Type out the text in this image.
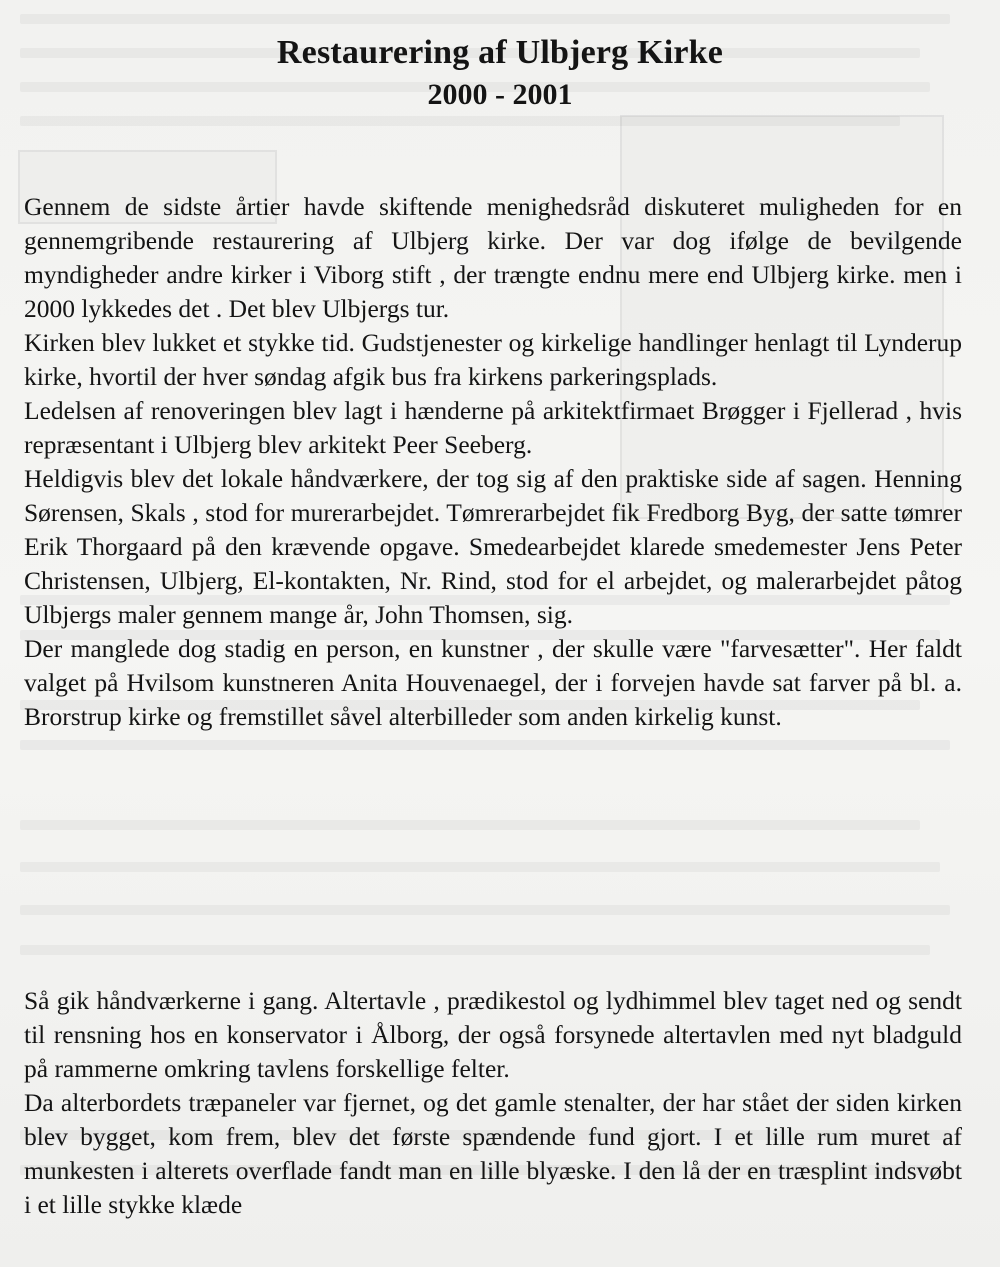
Restaurering af Ulbjerg Kirke
2000 - 2001

Gennem de sidste årtier havde skiftende menighedsråd diskuteret muligheden for en gennemgribende restaurering af Ulbjerg kirke. Der var dog ifølge de bevilgende myndigheder andre kirker i Viborg stift , der trængte endnu mere end Ulbjerg kirke. men i 2000 lykkedes det . Det blev Ulbjergs tur.

Kirken blev lukket et stykke tid. Gudstjenester og kirkelige handlinger henlagt til Lynderup kirke, hvortil der hver søndag afgik bus fra kirkens parkeringsplads.

Ledelsen af renoveringen blev lagt i hænderne på arkitektfirmaet Brøgger i Fjellerad , hvis repræsentant i Ulbjerg blev arkitekt Peer Seeberg.

Heldigvis blev det lokale håndværkere, der tog sig af den praktiske side af sagen. Henning Sørensen, Skals , stod for murerarbejdet. Tømrerarbejdet fik Fredborg Byg, der satte tømrer Erik Thorgaard på den krævende opgave. Smedearbejdet klarede smedemester Jens Peter Christensen, Ulbjerg, El-kontakten, Nr. Rind, stod for el arbejdet, og malerarbejdet påtog Ulbjergs maler gennem mange år, John Thomsen, sig.

Der manglede dog stadig en person, en kunstner , der skulle være "farvesætter". Her faldt valget på Hvilsom kunstneren Anita Houvenaegel, der i forvejen havde sat farver på bl. a. Brorstrup kirke og fremstillet såvel alterbilleder som anden kirkelig kunst.

Så gik håndværkerne i gang. Altertavle , prædikestol og lydhimmel blev taget ned og sendt til rensning hos en konservator i Ålborg, der også forsynede altertavlen med nyt bladguld på rammerne omkring tavlens forskellige felter.

Da alterbordets træpaneler var fjernet, og det gamle stenalter, der har stået der siden kirken blev bygget, kom frem, blev det første spændende fund gjort. I et lille rum muret af munkesten i alterets overflade fandt man en lille blyæske. I den lå der en træsplint indsvøbt i et lille stykke klæde
